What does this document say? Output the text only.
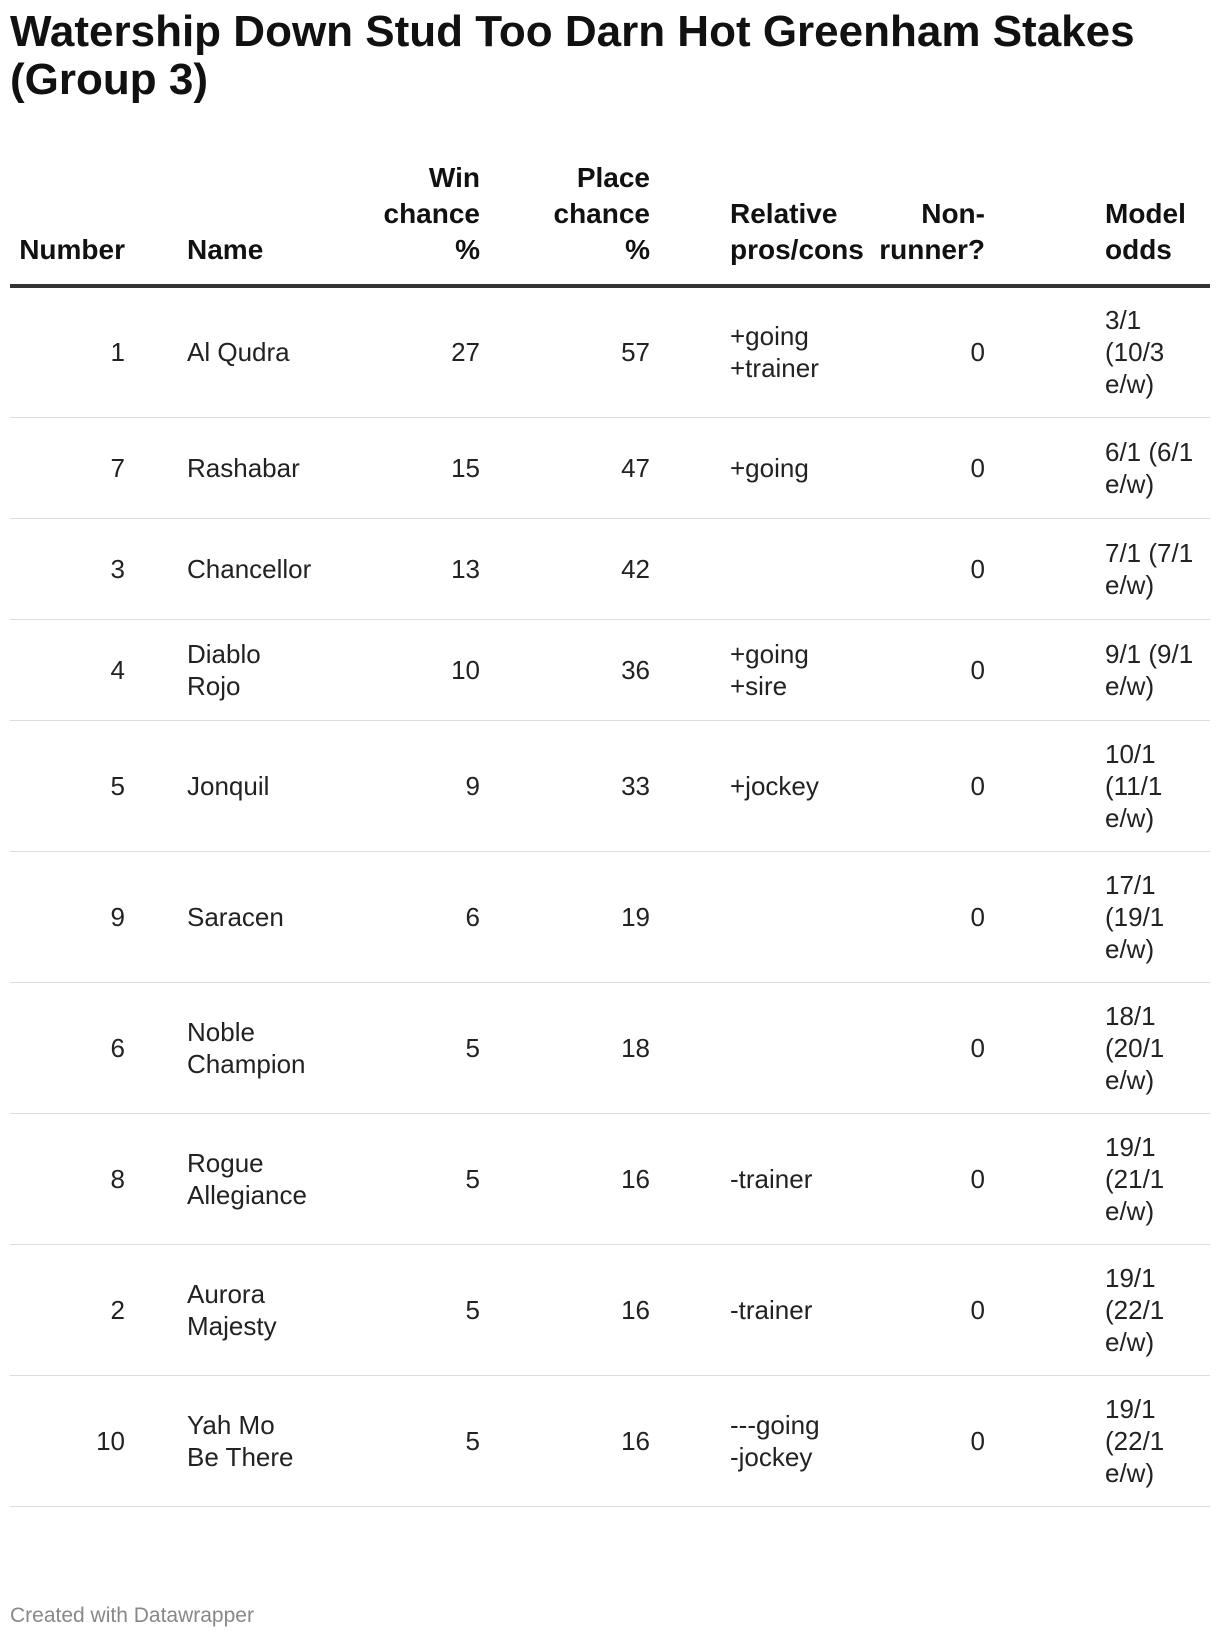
Watership Down Stud Too Darn Hot Greenham Stakes (Group 3)
Number	Name	Win
chance
%	Place
chance
%	Relative
pros/cons	Non-
runner?	Model
odds
1	Al Qudra	27	57	+going
+trainer	0	3/1
(10/3
e/w)
7	Rashabar	15	47	+going	0	6/1 (6/1
e/w)
3	Chancellor	13	42		0	7/1 (7/1
e/w)
4	Diablo
Rojo	10	36	+going
+sire	0	9/1 (9/1
e/w)
5	Jonquil	9	33	+jockey	0	10/1
(11/1
e/w)
9	Saracen	6	19		0	17/1
(19/1
e/w)
6	Noble
Champion	5	18		0	18/1
(20/1
e/w)
8	Rogue
Allegiance	5	16	-trainer	0	19/1
(21/1
e/w)
2	Aurora
Majesty	5	16	-trainer	0	19/1
(22/1
e/w)
10	Yah Mo
Be There	5	16	---going
-jockey	0	19/1
(22/1
e/w)
Created with Datawrapper
